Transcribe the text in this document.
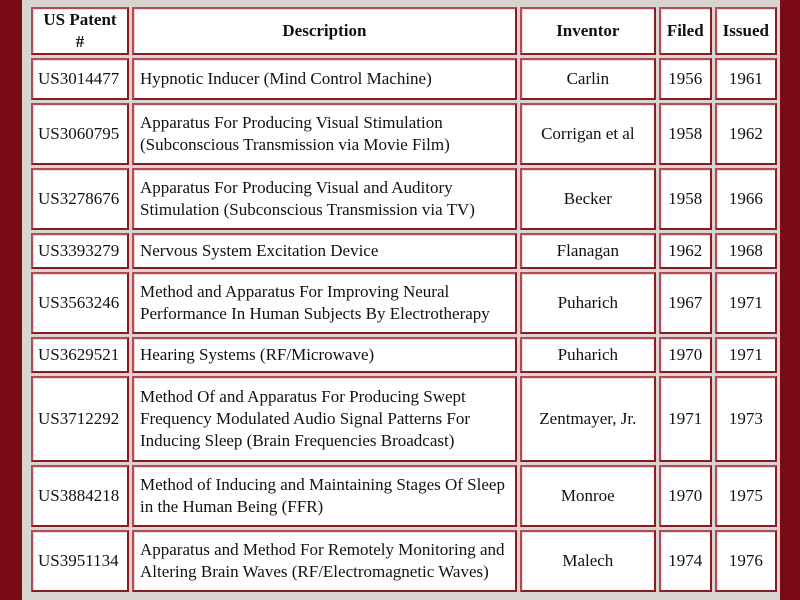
US Patent #	Description	Inventor	Filed	Issued
US3014477	Hypnotic Inducer (Mind Control Machine)	Carlin	1956	1961
US3060795	Apparatus For Producing Visual Stimulation (Subconscious Transmission via Movie Film)	Corrigan et al	1958	1962
US3278676	Apparatus For Producing Visual and Auditory Stimulation (Subconscious Transmission via TV)	Becker	1958	1966
US3393279	Nervous System Excitation Device	Flanagan	1962	1968
US3563246	Method and Apparatus For Improving Neural Performance In Human Subjects By Electrotherapy	Puharich	1967	1971
US3629521	Hearing Systems (RF/Microwave)	Puharich	1970	1971
US3712292	Method Of and Apparatus For Producing Swept Frequency Modulated Audio Signal Patterns For Inducing Sleep (Brain Frequencies Broadcast)	Zentmayer, Jr.	1971	1973
US3884218	Method of Inducing and Maintaining Stages Of Sleep in the Human Being (FFR)	Monroe	1970	1975
US3951134	Apparatus and Method For Remotely Monitoring and Altering Brain Waves (RF/Electromagnetic Waves)	Malech	1974	1976
